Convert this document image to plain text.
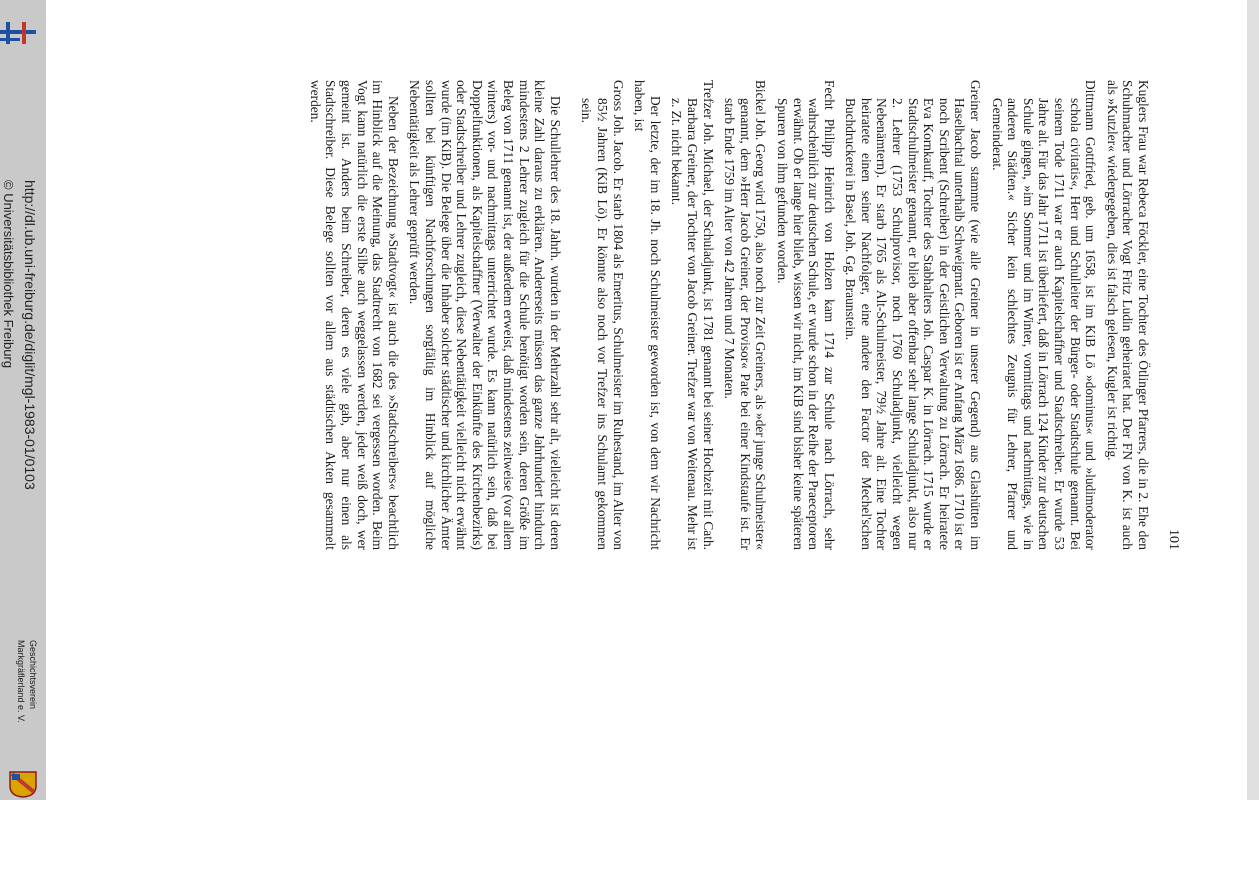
http://dl.ub.uni-freiburg.de/diglit/mgl-1983-01/0103
© Universitätsbibliothek Freiburg
Geschichtsverein
Markgräflerland e. V.
101

Kuglers Frau war Rebeca Föckler, eine Tochter des Ötlinger Pfarrers, die in 2. Ehe den Schuhmacher und Lörracher Vogt Fritz Ludin geheiratet hat. Der FN von K. ist auch als »Kutzler« wiedergegeben, dies ist falsch gelesen, Kugler ist richtig.

Dittmann Gottfried, geb. um 1658, ist im KiB Lö »dominus« und »ludimoderator schola civitatis«, Herr und Schulleiter der Bürger- oder Stadtschule genannt. Bei seinem Tode 1711 war er auch Kapitelschaffner und Stadtschreiber. Er wurde 53 Jahre alt. Für das Jahr 1711 ist überliefert, daß in Lörrach 124 Kinder zur deutschen Schule gingen, »im Sommer und im Winter, vormittags und nachmittags, wie in anderen Städten.« Sicher kein schlechtes Zeugnis für Lehrer, Pfarrer und Gemeinderat.

Greiner Jacob stammte (wie alle Greiner in unserer Gegend) aus Glashütten im Haselbachtal unterhalb Schweigmatt. Geboren ist er Anfang März 1686. 1710 ist er noch Scribent (Schreiber) in der Geistlichen Verwaltung zu Lörrach. Er heiratete Eva Kornkauff, Tochter des Stabhalters Joh. Caspar K. in Lörrach. 1715 wurde er Stadtschulmeister genannt, er blieb aber offenbar sehr lange Schuladjunkt, also nur 2. Lehrer (1753 Schulprovisor, noch 1760 Schuladjunkt, vielleicht wegen Nebenämtern). Er starb 1765 als Alt-Schulmeister, 79½ Jahre alt. Eine Tochter heiratete einen seiner Nachfolger, eine andere den Factor der Mechel'schen Buchdruckerei in Basel, Joh. Gg. Braunstein.

Fecht Philipp Heinrich von Holzen kam 1714 zur Schule nach Lörrach, sehr wahrscheinlich zur deutschen Schule, er wurde schon in der Reihe der Praeceptoren erwähnt. Ob er lange hier blieb, wissen wir nicht, im KiB sind bisher keine späteren Spuren von ihm gefunden worden.

Bickel Joh. Georg wird 1750, also noch zur Zeit Greiners, als »der junge Schulmeister« genannt, dem »Herr Jacob Greiner, der Provisor« Pate bei einer Kindstaufe ist. Er starb Ende 1759 im Alter von 42 Jahren und 7 Monaten.

Trefzer Joh. Michael, der Schuladjunkt, ist 1781 genannt bei seiner Hochzeit mit Cath. Barbara Greiner, der Tochter von Jacob Greiner. Trefzer war von Weitenau. Mehr ist z. Zt. nicht bekannt.

Der letzte, der im 18. Jh. noch Schulmeister geworden ist, von dem wir Nachricht haben, ist

Gross Joh. Jacob. Er starb 1804 als Emeritus, Schulmeister im Ruhestand, im Alter von 85½ Jahren (KiB Lö). Er könnte also noch vor Trefzer ins Schulamt gekommen sein.

Die Schullehrer des 18. Jahrh. wurden in der Mehrzahl sehr alt, vielleicht ist deren kleine Zahl daraus zu erklären. Andererseits müssen das ganze Jahrhundert hindurch mindestens 2 Lehrer zugleich für die Schule benötigt worden sein, deren Größe im Beleg von 1711 genannt ist, der außerdem erweist, daß mindestens zeitweise (vor allem winters) vor- und nachmittags unterrichtet wurde. Es kann natürlich sein, daß bei Doppelfunktionen, als Kapitelschaffner (Verwalter der Einkünfte des Kirchenbezirks) oder Stadtschreiber und Lehrer zugleich, diese Nebentätigkeit vielleicht nicht erwähnt wurde (im KiB). Die Belege über die Inhaber solcher städtischer und kirchlicher Ämter sollten bei künftigen Nachforschungen sorgfältig im Hinblick auf mögliche Nebentätigkeit als Lehrer geprüft werden.

Neben der Bezeichnung »Stadtvogt« ist auch die des »Stadtschreibers« beachtlich im Hinblick auf die Meinung, das Stadtrecht von 1682 sei vergessen worden. Beim Vogt kann natürlich die erste Silbe auch weggelassen werden, jeder weiß doch, wer gemeint ist. Anders beim Schreiber, deren es viele gab, aber nur einen als Stadtschreiber. Diese Belege sollten vor allem aus städtischen Akten gesammelt werden.
